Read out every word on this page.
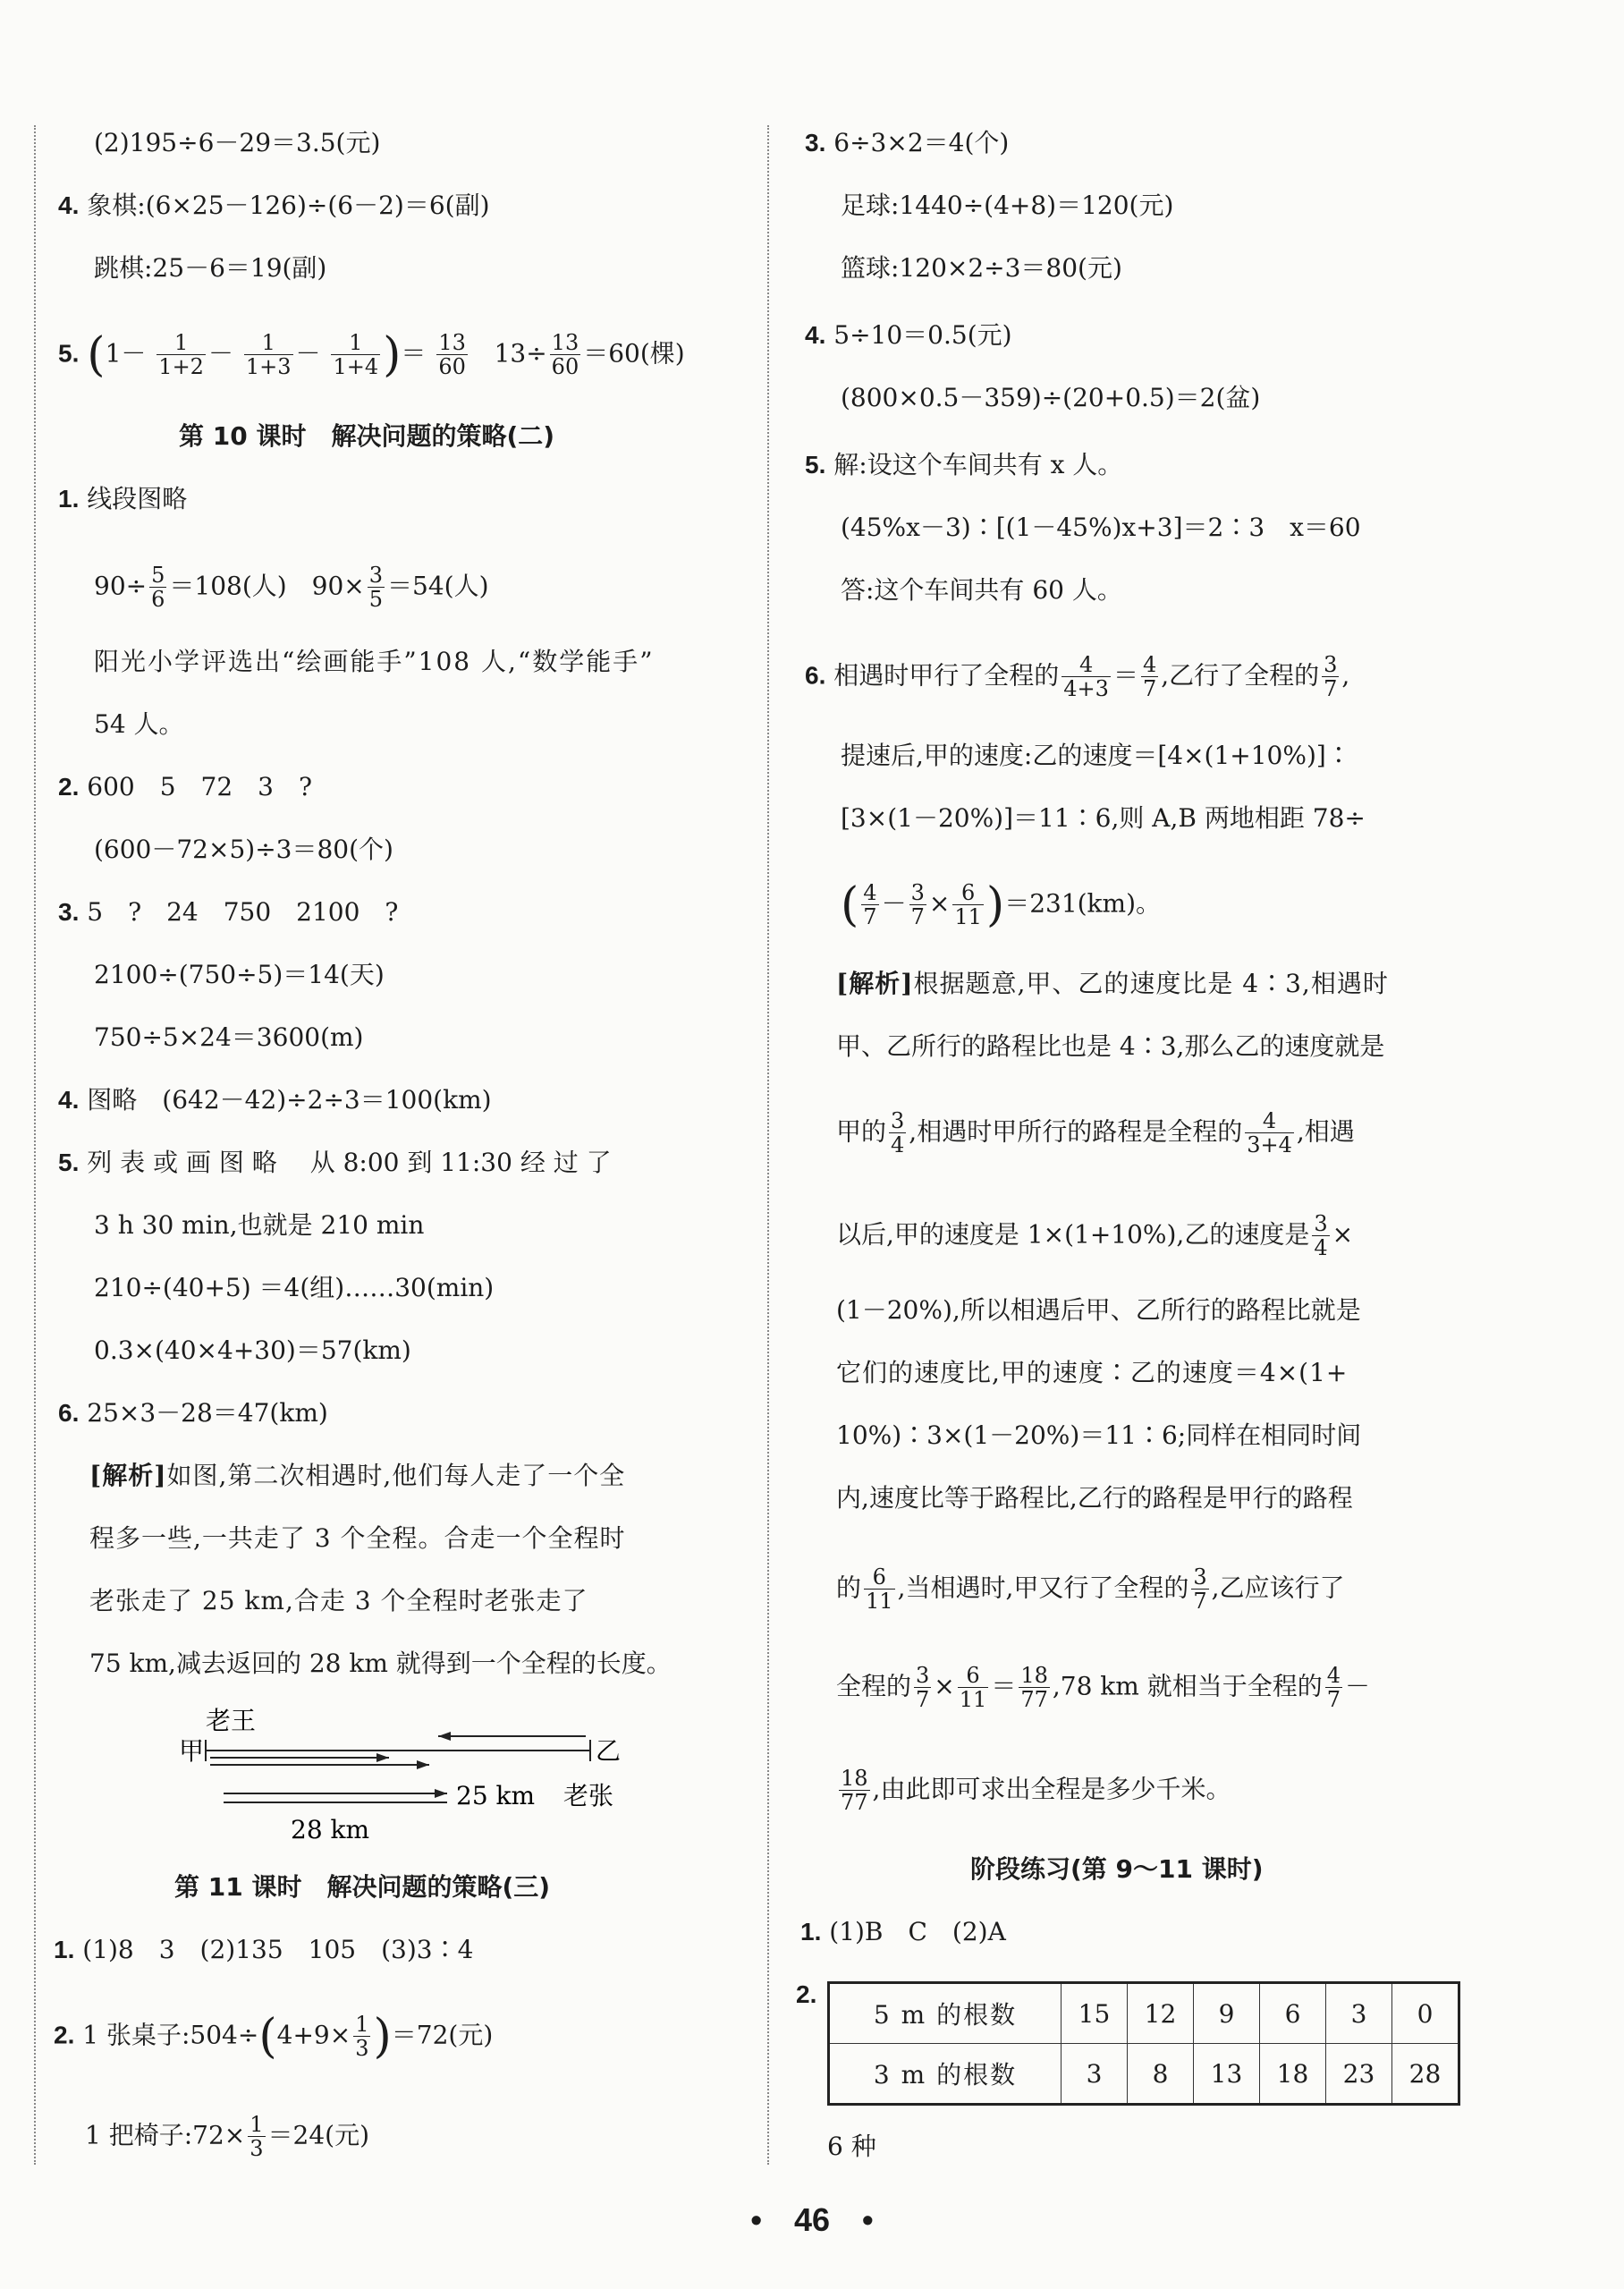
(2)195÷6－29＝3.5(元)
4. 象棋:(6×25－126)÷(6－2)＝6(副)
跳棋:25－6＝19(副)
5. ($1- \frac{1}{1+2} - \frac{1}{1+3} - \frac{1}{1+4}$ )＝ $\frac{13}{60} 13\div \frac{13}{60} =60$(棵)
第 10 课时　解决问题的策略(二)
1. 线段图略
$90\div \frac{5}{6} =108$(人)　$90\times \frac{3}{5} =54$(人)
阳光小学评选出“绘画能手”108 人,“数学能手”
54 人。
2. 600　5　72　3　?
(600－72×5)÷3＝80(个)
3. 5　?　24　750　2100　?
2100÷(750÷5)＝14(天)
750÷5×24＝3600(m)
4. 图略　(642－42)÷2÷3＝100(km)
5. 列 表 或 画 图 略　 从 8:00 到 11:30 经 过 了
3 h 30 min,也就是 210 min
210÷(40+5) ＝4(组)……30(min)
0.3×(40×4+30)＝57(km)
6. 25×3－28＝47(km)
[解析]如图,第二次相遇时,他们每人走了一个全
程多一些,一共走了 3 个全程。合走一个全程时
老张走了 25 km,合走 3 个全程时老张走了
75 km,减去返回的 28 km 就得到一个全程的长度。
老王
甲	乙
25 km 老张
28 km
第 11 课时　解决问题的策略(三)
1. (1)8　3　(2)135　105　(3)3∶4
2. 1 张桌子:504÷(4+9× $\frac{1}{3} )=72$(元)
1 把椅子:72× $\frac{1}{3} =24$(元)
3. 6÷3×2＝4(个)
足球:1440÷(4+8)＝120(元)
篮球:120×2÷3＝80(元)
4. 5÷10＝0.5(元)
(800×0.5－359)÷(20+0.5)＝2(盆)
5. 解:设这个车间共有 x 人。
(45%x－3)∶[(1－45%)x+3]＝2∶3　x＝60
答:这个车间共有 60 人。
6. 相遇时甲行了全程的 $\frac{4}{4+3} = \frac{4}{7}$ ,乙行了全程的 $\frac{3}{7}$ ,
提速后,甲的速度:乙的速度＝[4×(1+10%)]∶
[3×(1－20%)]＝11∶6,则 A,B 两地相距 78÷
( $\frac{4}{7} - \frac{3}{7} \times \frac{6}{11} )=231(km)$。
[解析]根据题意,甲、乙的速度比是 4∶3,相遇时
甲、乙所行的路程比也是 4∶3,那么乙的速度就是
甲的 $\frac{3}{4}$ ,相遇时甲所行的路程是全程的 $\frac{4}{3+4}$ ,相遇
以后,甲的速度是 1×(1+10%),乙的速度是 $\frac{3}{4}$ ×
(1－20%),所以相遇后甲、乙所行的路程比就是
它们的速度比,甲的速度∶乙的速度＝4×(1+
10%)∶3×(1－20%)＝11∶6;同样在相同时间
内,速度比等于路程比,乙行的路程是甲行的路程
的 $\frac{6}{11}$ ,当相遇时,甲又行了全程的 $\frac{3}{7}$ ,乙应该行了
全程的 $\frac{3}{7} \times \frac{6}{11} = \frac{18}{77} ,78$ km 就相当于全程的 $\frac{4}{7}$ －
$\frac{18}{77}$ ,由此即可求出全程是多少千米。
阶段练习(第 9～11 课时)
1. (1)B　C　(2)A
2.
5 m 的根数	15	12	9	6	3	0
3 m 的根数	3	8	13	18	23	28
6 种
•　46　•
